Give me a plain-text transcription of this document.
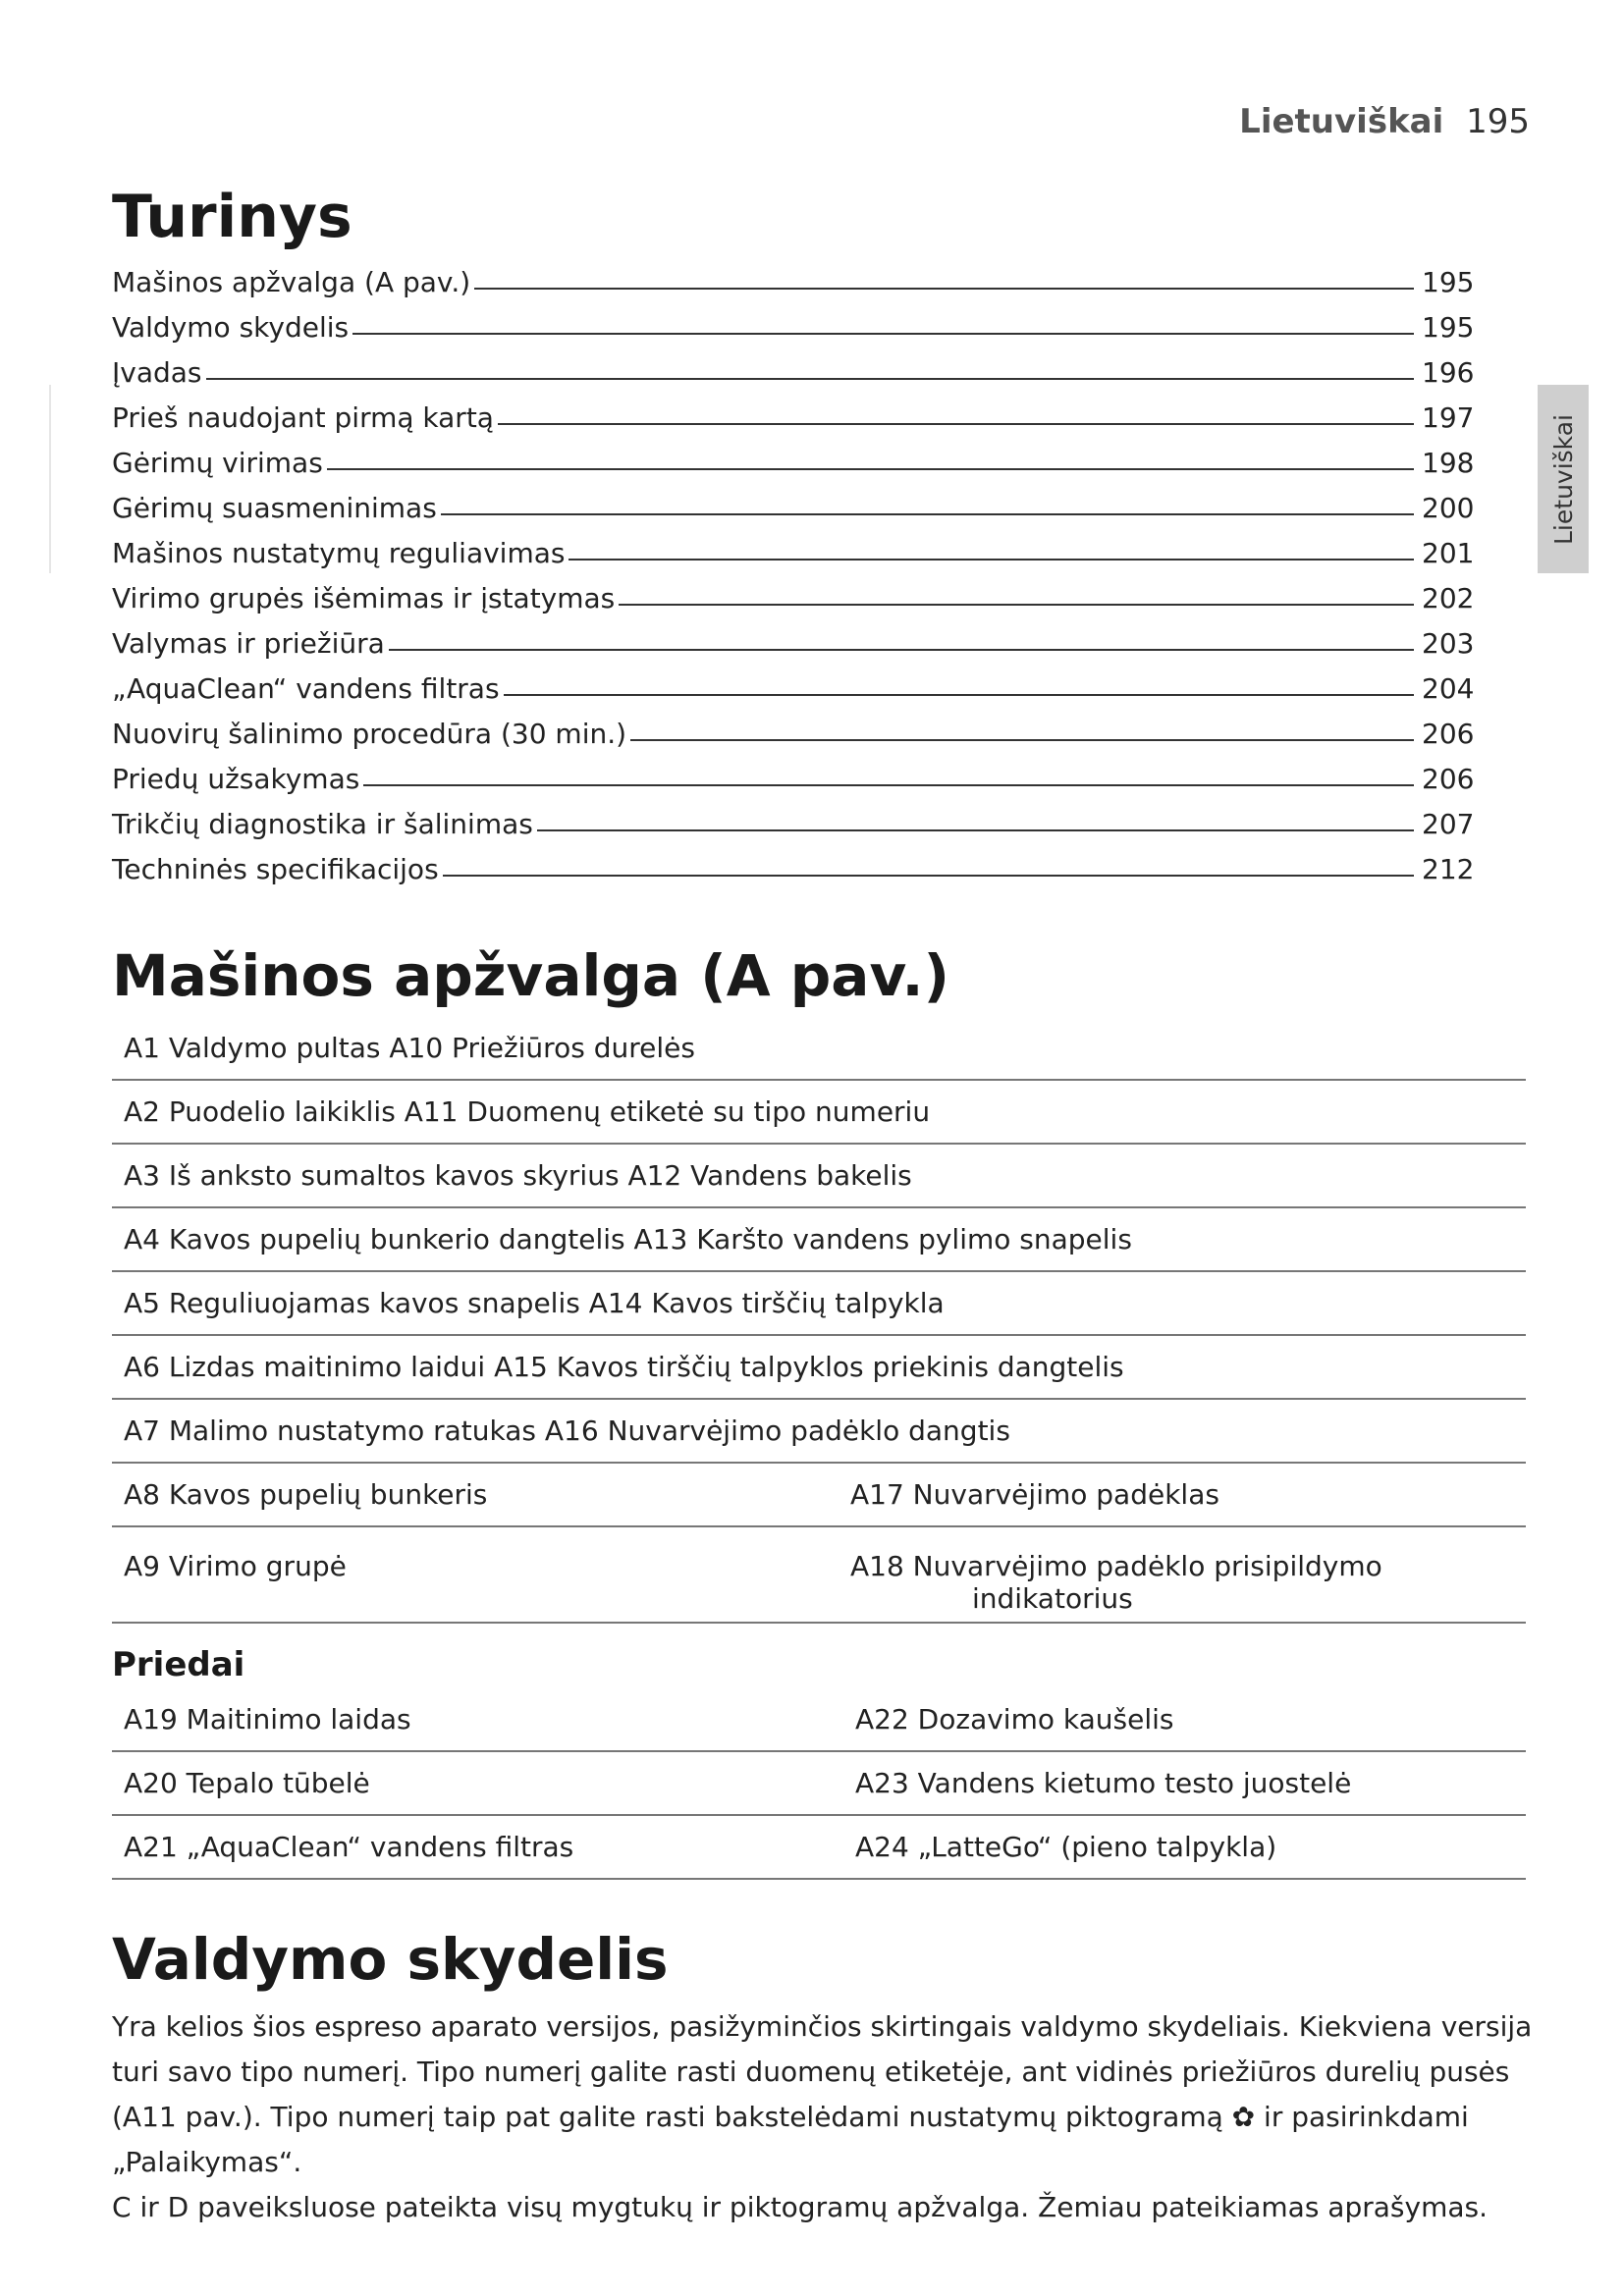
Lietuviškai 195
Lietuviškai
Turinys
Mašinos apžvalga (A pav.)	195
Valdymo skydelis	195
Įvadas	196
Prieš naudojant pirmą kartą	197
Gėrimų virimas	198
Gėrimų suasmeninimas	200
Mašinos nustatymų reguliavimas	201
Virimo grupės išėmimas ir įstatymas	202
Valymas ir priežiūra	203
„AquaClean“ vandens filtras	204
Nuovirų šalinimo procedūra (30 min.)	206
Priedų užsakymas	206
Trikčių diagnostika ir šalinimas	207
Techninės specifikacijos	212
Mašinos apžvalga (A pav.)
A1 Valdymo pultas A10 Priežiūros durelės
A2 Puodelio laikiklis A11 Duomenų etiketė su tipo numeriu
A3 Iš anksto sumaltos kavos skyrius A12 Vandens bakelis
A4 Kavos pupelių bunkerio dangtelis A13 Karšto vandens pylimo snapelis
A5 Reguliuojamas kavos snapelis A14 Kavos tirščių talpykla
A6 Lizdas maitinimo laidui A15 Kavos tirščių talpyklos priekinis dangtelis
A7 Malimo nustatymo ratukas A16 Nuvarvėjimo padėklo dangtis
A8 Kavos pupelių bunkeris	A17 Nuvarvėjimo padėklas
A9 Virimo grupė	A18 Nuvarvėjimo padėklo prisipildymo
indikatorius
Priedai
A19 Maitinimo laidas	A22 Dozavimo kaušelis
A20 Tepalo tūbelė	A23 Vandens kietumo testo juostelė
A21 „AquaClean“ vandens filtras	A24 „LatteGo“ (pieno talpykla)
Valdymo skydelis

Yra kelios šios espreso aparato versijos, pasižyminčios skirtingais valdymo skydeliais. Kiekviena versija turi savo tipo numerį. Tipo numerį galite rasti duomenų etiketėje, ant vidinės priežiūros durelių pusės (A11 pav.). Tipo numerį taip pat galite rasti bakstelėdami nustatymų piktogramą ✿ ir pasirinkdami „Palaikymas“.

C ir D paveiksluose pateikta visų mygtukų ir piktogramų apžvalga. Žemiau pateikiamas aprašymas.
